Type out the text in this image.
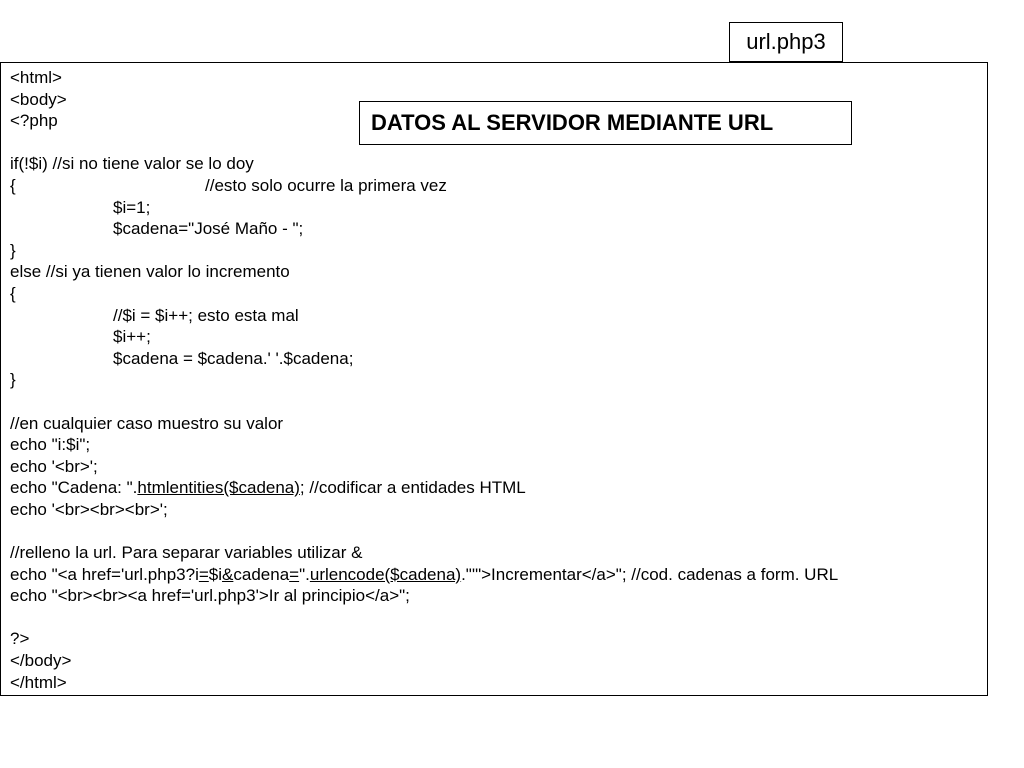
url.php3
<html>
<body>
<?php
if(!$i) //si no tiene valor se lo doy
{	//esto solo ocurre la primera vez
$i=1;
$cadena="José Maño - ";
}
else //si ya tienen valor lo incremento
{
//$i = $i++; esto esta mal
$i++;
$cadena = $cadena.' '.$cadena;
}
//en cualquier caso muestro su valor
echo "i:$i";
echo '<br>';
echo "Cadena: ".htmlentities($cadena); //codificar a entidades HTML
echo '<br><br><br>';
//relleno la url. Para separar variables utilizar &
echo "<a href='url.php3?i=$i&cadena=".urlencode($cadena)."'">Incrementar</a>"; //cod. cadenas a form. URL
echo "<br><br><a href='url.php3'>Ir al principio</a>";
?>
</body>
</html>
DATOS AL SERVIDOR MEDIANTE URL
